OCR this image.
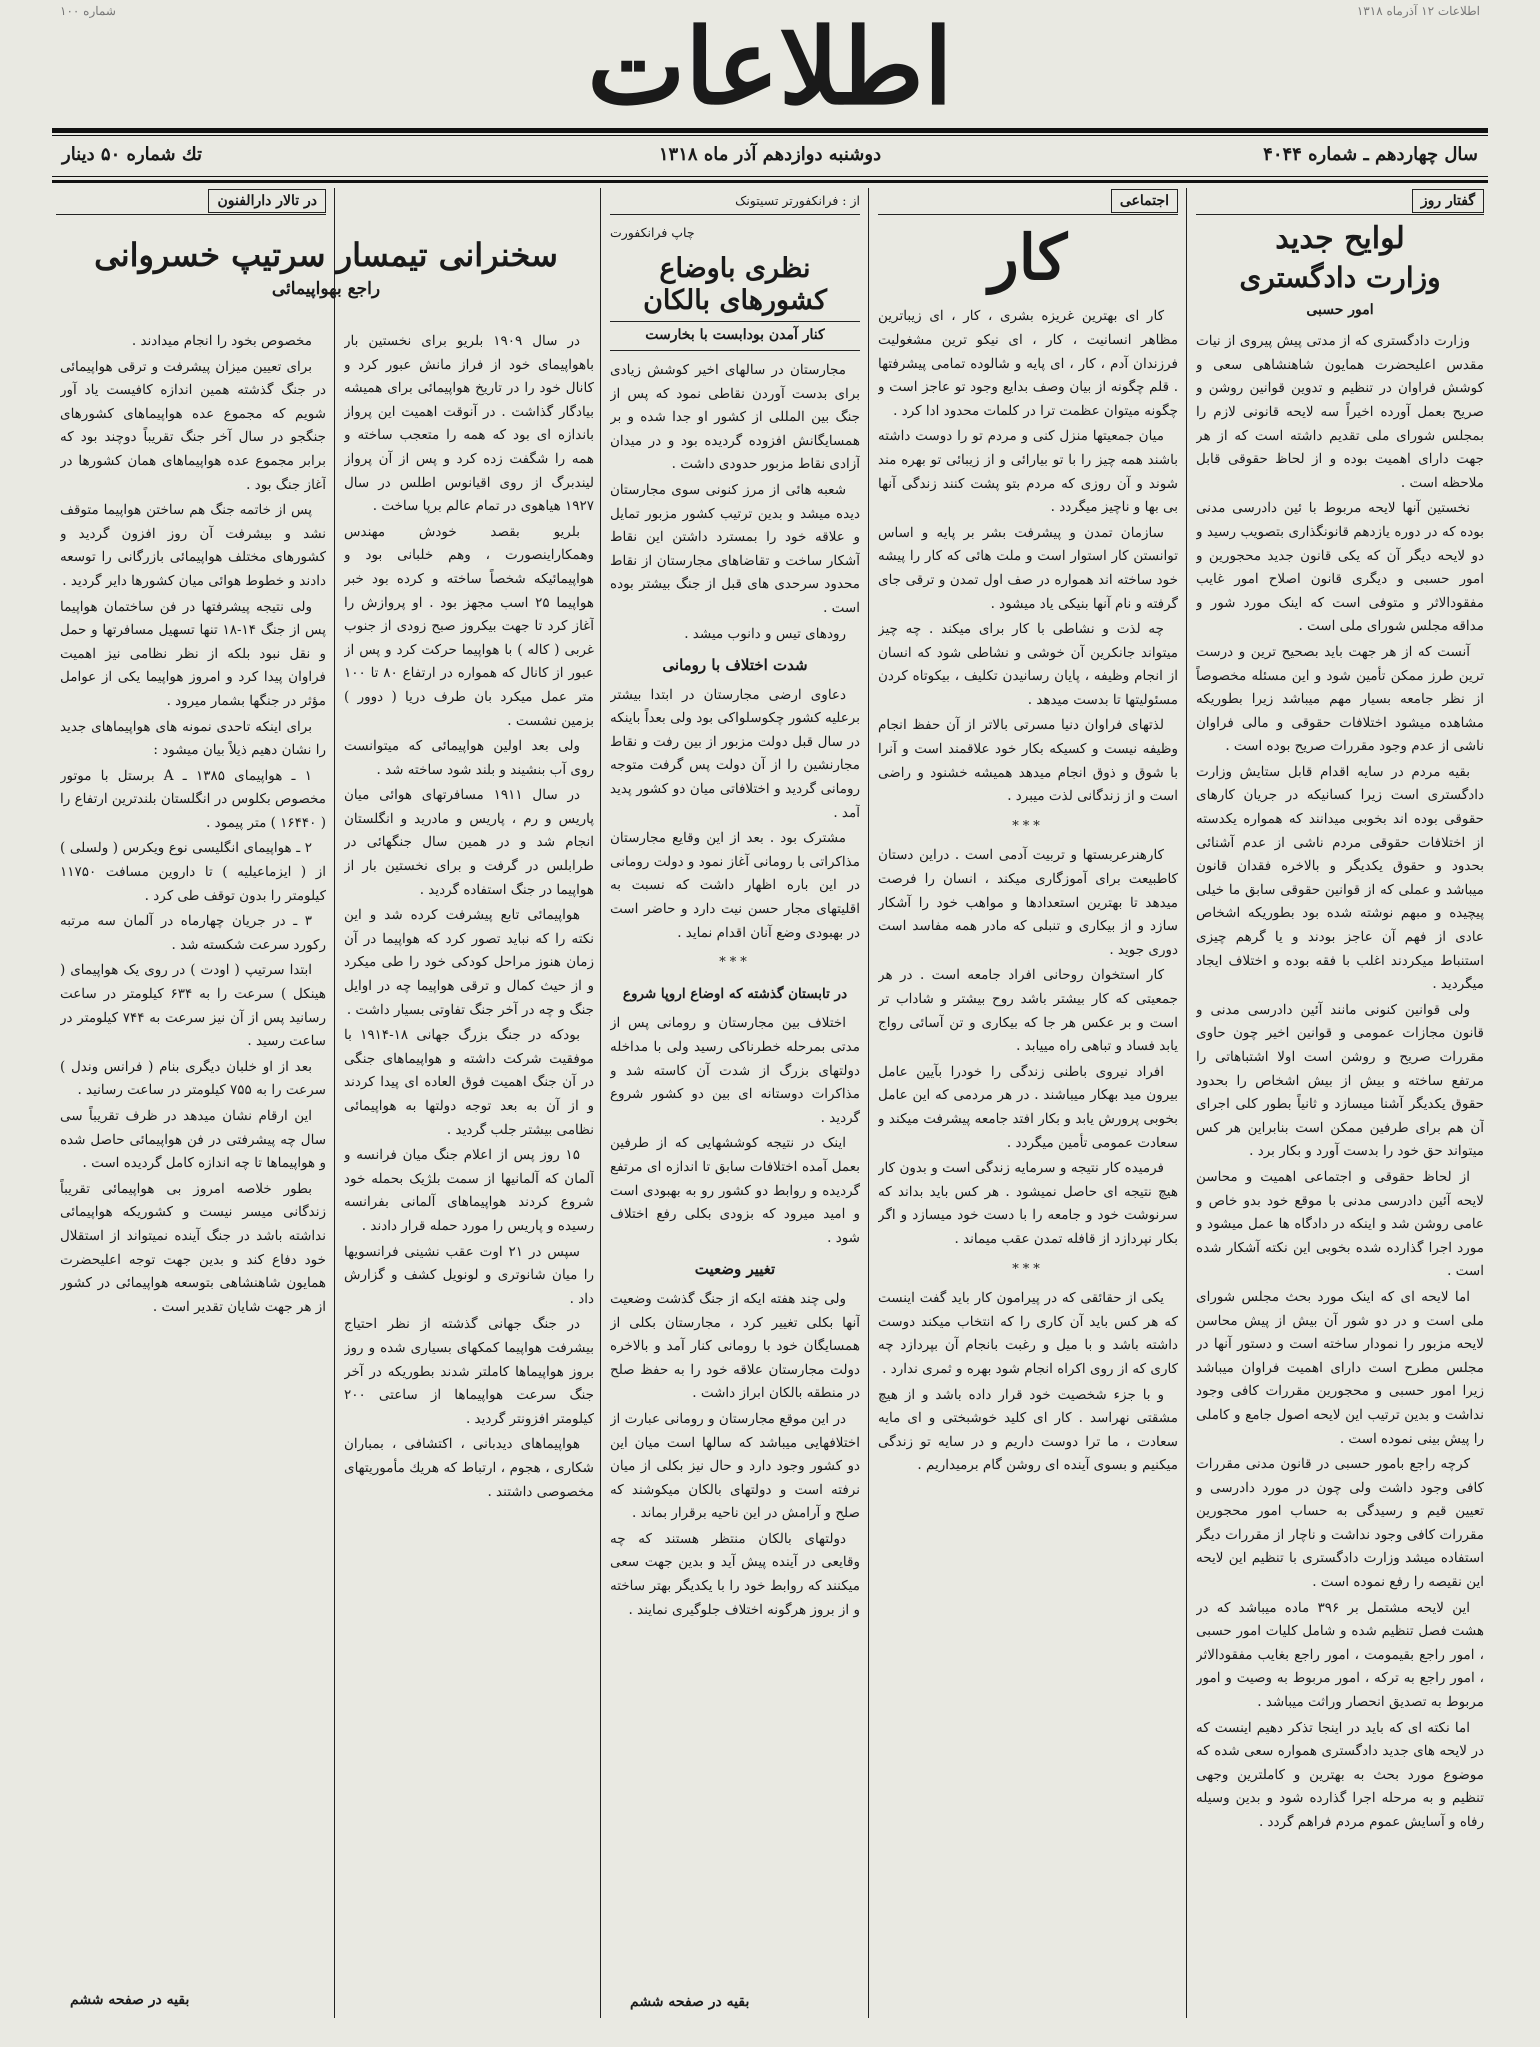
اطلاعات ۱۲ آذرماه ۱۳۱۸
۱۰۰ شماره	اطلاعات
سال چهاردهم ـ شماره ۴۰۴۴
دوشنبه دوازدهم آذر ماه ۱۳۱۸
تك شماره ۵۰ دینار
گفتار روز
لوایح جدید
وزارت دادگستری
امور حسبی

وزارت دادگستری که از مدتی پیش پیروی از نیات مقدس اعلیحضرت همایون شاهنشاهی سعی و کوشش فراوان در تنظیم و تدوین قوانین روشن و صریح بعمل آورده اخیراً سه لایحه قانونی لازم را بمجلس شورای ملی تقدیم داشته است که از هر جهت دارای اهمیت بوده و از لحاظ حقوقی قابل ملاحظه است .

نخستین آنها لایحه مربوط با ئین دادرسی مدنی بوده که در دوره یازدهم قانونگذاری بتصویب رسید و دو لایحه دیگر آن که یکی قانون جدید محجورین و امور حسبی و دیگری قانون اصلاح امور غایب مفقودالاثر و متوفی است که اینک مورد شور و مداقه مجلس شورای ملی است .

آنست که از هر جهت باید بصحیح ترین و درست ترین طرز ممکن تأمین شود و این مسئله مخصوصاً از نظر جامعه بسیار مهم میباشد زیرا بطوریکه مشاهده میشود اختلافات حقوقی و مالی فراوان ناشی از عدم وجود مقررات صریح بوده است .

بقیه مردم در سایه اقدام قابل ستایش وزارت دادگستری است زیرا کسانیکه در جریان کارهای حقوقی بوده اند بخوبی میدانند که همواره یکدسته از اختلافات حقوقی مردم ناشی از عدم آشنائی بحدود و حقوق یکدیگر و بالاخره فقدان قانون میباشد و عملی که از قوانین حقوقی سابق ما خیلی پیچیده و مبهم نوشته شده بود بطوریکه اشخاص عادی از فهم آن عاجز بودند و یا گرهم چیزی استنباط میکردند اغلب با فقه بوده و اختلاف ایجاد میگردید .

ولی قوانین کنونی مانند آئین دادرسی مدنی و قانون مجازات عمومی و قوانین اخیر چون حاوی مقررات صریح و روشن است اولا اشتباهاتی را مرتفع ساخته و بیش از بیش اشخاص را بحدود حقوق یکدیگر آشنا میسازد و ثانیاً بطور کلی اجرای آن هم برای طرفین ممکن است بنابراین هر کس میتواند حق خود را بدست آورد و بکار برد .

از لحاظ حقوقی و اجتماعی اهمیت و محاسن لایحه آئین دادرسی مدنی با موقع خود بدو خاص و عامی روشن شد و اینکه در دادگاه ها عمل میشود و مورد اجرا گذارده شده بخوبی این نکته آشکار شده است .

اما لایحه ای که اینک مورد بحث مجلس شورای ملی است و در دو شور آن بیش از پیش محاسن لایحه مزبور را نمودار ساخته است و دستور آنها در مجلس مطرح است دارای اهمیت فراوان میباشد زیرا امور حسبی و محجورین مقررات کافی وجود نداشت و بدین ترتیب این لایحه اصول جامع و کاملی را پیش بینی نموده است .

کرچه راجع بامور حسبی در قانون مدنی مقررات کافی وجود داشت ولی چون در مورد دادرسی و تعیین قیم و رسیدگی به حساب امور محجورین مقررات کافی وجود نداشت و ناچار از مقررات دیگر استفاده میشد وزارت دادگستری با تنظیم این لایحه این نقیصه را رفع نموده است .

این لایحه مشتمل بر ۳۹۶ ماده میباشد که در هشت فصل تنظیم شده و شامل کلیات امور حسبی ، امور راجع بقیمومت ، امور راجع بغایب مفقودالاثر ، امور راجع به ترکه ، امور مربوط به وصیت و امور مربوط به تصدیق انحصار وراثت میباشد .

اما نکته ای که باید در اینجا تذکر دهیم اینست که در لایحه های جدید دادگستری همواره سعی شده که موضوع مورد بحث به بهترین و کاملترین وجهی تنظیم و به مرحله اجرا گذارده شود و بدین وسیله رفاه و آسایش عموم مردم فراهم گردد .

اجتماعی
کار

کار ای بهترین غریزه بشری ، کار ، ای زیباترین مظاهر انسانیت ، کار ، ای نیکو ترین مشغولیت فرزندان آدم ، کار ، ای پایه و شالوده تمامی پیشرفتها . قلم چگونه از بیان وصف بدایع وجود تو عاجز است و چگونه میتوان عظمت ترا در کلمات محدود ادا کرد .

میان جمعیتها منزل کنی و مردم تو را دوست داشته باشند همه چیز را با تو بیارائی و از زیبائی تو بهره مند شوند و آن روزی که مردم بتو پشت کنند زندگی آنها بی بها و ناچیز میگردد .

سازمان تمدن و پیشرفت بشر بر پایه و اساس توانستن کار استوار است و ملت هائی که کار را پیشه خود ساخته اند همواره در صف اول تمدن و ترقی جای گرفته و نام آنها بنیکی یاد میشود .

چه لذت و نشاطی با کار برای میکند . چه چیز میتواند جانکرین آن خوشی و نشاطی شود که انسان از انجام وظیفه ، پایان رسانیدن تکلیف ، بیکوتاه کردن مسئولیتها تا بدست میدهد .

لذتهای فراوان دنیا مسرتی بالاتر از آن حفظ انجام وظیفه نیست و کسیکه بکار خود علاقمند است و آنرا با شوق و ذوق انجام میدهد همیشه خشنود و راضی است و از زندگانی لذت میبرد .

***

کارهنرعربستها و تربیت آدمی است . دراین دستان کاطبیعت برای آموزگاری میکند ، انسان را فرصت میدهد تا بهترین استعدادها و مواهب خود را آشکار سازد و از بیکاری و تنبلی که مادر همه مفاسد است دوری جوید .

کار استخوان روحانی افراد جامعه است . در هر جمعیتی که کار بیشتر باشد روح بیشتر و شاداب تر است و بر عکس هر جا که بیکاری و تن آسائی رواج یابد فساد و تباهی راه مییابد .

افراد نیروی باطنی زندگی را خودرا بآیین عامل بیرون مید بهکار میباشند . در هر مردمی که این عامل بخوبی پرورش یابد و بکار افتد جامعه پیشرفت میکند و سعادت عمومی تأمین میگردد .

فرمیده کار نتیجه و سرمایه زندگی است و بدون کار هیچ نتیجه ای حاصل نمیشود . هر کس باید بداند که سرنوشت خود و جامعه را با دست خود میسازد و اگر بکار نپردازد از قافله تمدن عقب میماند .

***

یکی از حقائقی که در پیرامون کار باید گفت اینست که هر کس باید آن کاری را که انتخاب میکند دوست داشته باشد و با میل و رغبت بانجام آن بپردازد چه کاری که از روی اکراه انجام شود بهره و ثمری ندارد .

و با جزء شخصیت خود قرار داده باشد و از هیچ مشقتی نهراسد . کار ای کلید خوشبختی و ای مایه سعادت ، ما ترا دوست داریم و در سایه تو زندگی میکنیم و بسوی آینده ای روشن گام برمیداریم .

از : فرانکفورتر تسیتونک
چاپ فرانکفورت
نظری باوضاع کشورهای بالکان
کنار آمدن بودابست با بخارست

مجارستان در سالهای اخیر کوشش زیادی برای بدست آوردن نقاطی نمود که پس از جنگ بین المللی از کشور او جدا شده و بر همسایگانش افزوده گردیده بود و در میدان آزادی نقاط مزبور حدودی داشت .

شعبه هائی از مرز کنونی سوی مجارستان دیده میشد و بدین ترتیب کشور مزبور تمایل و علاقه خود را بمسترد داشتن این نقاط آشکار ساخت و تقاضاهای مجارستان از نقاط محدود سرحدی های قبل از جنگ بیشتر بوده است .

رودهای تیس و دانوب میشد .

شدت اختلاف با رومانی

دعاوی ارضی مجارستان در ابتدا بیشتر برعلیه کشور چکوسلواکی بود ولی بعداً باینکه در سال قبل دولت مزبور از بین رفت و نقاط مجارنشین را از آن دولت پس گرفت متوجه رومانی گردید و اختلافاتی میان دو کشور پدید آمد .

مشترک بود . بعد از این وقایع مجارستان مذاکراتی با رومانی آغاز نمود و دولت رومانی در این باره اظهار داشت که نسبت به اقلیتهای مجار حسن نیت دارد و حاضر است در بهبودی وضع آنان اقدام نماید .

***
در تابستان گذشته که اوضاع اروپا شروع

اختلاف بين مجارستان و رومانی پس از مدتی بمرحله خطرناکی رسید ولی با مداخله دولتهای بزرگ از شدت آن کاسته شد و مذاکرات دوستانه ای بین دو کشور شروع گردید .

اینک در نتیجه کوششهایی که از طرفین بعمل آمده اختلافات سابق تا اندازه ای مرتفع گردیده و روابط دو کشور رو به بهبودی است و امید میرود که بزودی بکلی رفع اختلاف شود .

تغییر وضعیت

ولی چند هفته ایکه از جنگ گذشت وضعیت آنها بکلی تغییر کرد ، مجارستان بکلی از همسایگان خود با رومانی کنار آمد و بالاخره دولت مجارستان علاقه خود را به حفظ صلح در منطقه بالکان ابراز داشت .

در این موقع مجارستان و رومانی عبارت از اختلافهایی میباشد که سالها است میان این دو کشور وجود دارد و حال نیز بکلی از میان نرفته است و دولتهای بالکان میکوشند که صلح و آرامش در این ناحیه برقرار بماند .

دولتهای بالکان منتظر هستند که چه وقایعی در آینده پیش آید و بدین جهت سعی میکنند که روابط خود را با یکدیگر بهتر ساخته و از بروز هرگونه اختلاف جلوگیری نمایند .

بقیه در صفحه ششم
در تالار دارالفنون
سخنرانی تیمسار سرتیپ خسروانی
راجع بهواپیمائی

در سال ۱۹۰۹ بلریو برای نخستین بار باهواپیمای خود از فراز مانش عبور کرد و کانال خود را در تاریخ هواپیمائی برای همیشه بیادگار گذاشت . در آنوقت اهمیت این پرواز باندازه ای بود که همه را متعجب ساخته و همه را شگفت زده کرد و پس از آن پرواز لیندبرگ از روی اقیانوس اطلس در سال ۱۹۲۷ هیاهوی در تمام عالم برپا ساخت .

بلریو بقصد خودش مهندس وهمکاراینصورت ، وهم خلبانی بود و هواپیمائیکه شخصاً ساخته و کرده بود خبر هواپیما ۲۵ اسب مجهز بود . او پروازش را آغاز کرد تا جهت بیکروز صبح زودی از جنوب غربی ( کاله ) با هواپیما حرکت کرد و پس از عبور از کانال که همواره در ارتفاع ۸۰ تا ۱۰۰ متر عمل میکرد بان طرف دریا ( دوور ) بزمین نشست .

ولی بعد اولین هواپیمائی که میتوانست روی آب بنشیند و بلند شود ساخته شد .

در سال ۱۹۱۱ مسافرتهای هوائی میان پاریس و رم ، پاریس و مادرید و انگلستان انجام شد و در همین سال جنگهائی در طرابلس در گرفت و برای نخستین بار از هواپیما در جنگ استفاده گردید .

هواپیمائی تابع پیشرفت کرده شد و این نکته را که نباید تصور کرد که هواپیما در آن زمان هنوز مراحل کودکی خود را طی میکرد و از حیث کمال و ترقی هواپیما چه در اوایل جنگ و چه در آخر جنگ تفاوتی بسیار داشت .

بودکه در جنگ بزرگ جهانی ۱۸-۱۹۱۴ با موفقیت شرکت داشته و هواپیماهای جنگی در آن جنگ اهمیت فوق العاده ای پیدا کردند و از آن به بعد توجه دولتها به هواپیمائی نظامی بیشتر جلب گردید .

۱۵ روز پس از اعلام جنگ میان فرانسه و آلمان که آلمانیها از سمت بلژیک بحمله خود شروع کردند هواپیماهای آلمانی بفرانسه رسیده و پاریس را مورد حمله قرار دادند .

سپس در ۲۱ اوت عقب نشینی فرانسویها را میان شانوتری و لونویل کشف و گزارش داد .

در جنگ جهانی گذشته از نظر احتیاج بیشرفت هواپیما کمکهای بسیاری شده و روز بروز هواپیماها کاملتر شدند بطوریکه در آخر جنگ سرعت هواپیماها از ساعتی ۲۰۰ کیلومتر افزونتر گردید .

هواپیماهای دیدبانی ، اکتشافی ، بمباران شکاری ، هجوم ، ارتباط که هریك مأموریتهای مخصوصی داشتند .

مخصوص بخود را انجام میدادند .

برای تعیین میزان پیشرفت و ترقی هواپیمائی در جنگ گذشته همین اندازه کافیست یاد آور شویم که مجموع عده هواپیماهای کشورهای جنگجو در سال آخر جنگ تقریباً دوچند بود که برابر مجموع عده هواپیماهای همان کشورها در آغاز جنگ بود .

پس از خاتمه جنگ هم ساختن هواپیما متوقف نشد و بیشرفت آن روز افزون گردید و کشورهای مختلف هواپیمائی بازرگانی را توسعه دادند و خطوط هوائی میان کشورها دایر گردید .

ولی نتیجه پیشرفتها در فن ساختمان هواپیما پس از جنگ ۱۴-۱۸ تنها تسهیل مسافرتها و حمل و نقل نبود بلکه از نظر نظامی نیز اهمیت فراوان پیدا کرد و امروز هواپیما یکی از عوامل مؤثر در جنگها بشمار میرود .

برای اینکه تاحدی نمونه های هواپیماهای جدید را نشان دهیم ذیلاً بیان میشود :

۱ ـ هواپیمای ۱۳۸۵ ـ A برستل با موتور مخصوص بکلوس در انگلستان بلندترین ارتفاع را ( ۱۶۴۴۰ ) متر پیمود .

۲ ـ هواپیمای انگلیسی نوع ویکرس ( ولسلی ) از ( ایزماعیلیه ) تا داروین مسافت ۱۱۷۵۰ کیلومتر را بدون توقف طی کرد .

۳ ـ در جریان چهارماه در آلمان سه مرتبه رکورد سرعت شکسته شد .

ابتدا سرتیپ ( اودت ) در روی یک هواپیمای ( هینکل ) سرعت را به ۶۳۴ کیلومتر در ساعت رسانید پس از آن نیز سرعت به ۷۴۴ کیلومتر در ساعت رسید .

بعد از او خلبان دیگری بنام ( فرانس وندل ) سرعت را به ۷۵۵ کیلومتر در ساعت رسانید .

این ارقام نشان میدهد در ظرف تقریباً سی سال چه پیشرفتی در فن هواپیمائی حاصل شده و هواپیماها تا چه اندازه کامل گردیده است .

بطور خلاصه امروز بی هواپیمائی تقریباً زندگانی میسر نیست و کشوریکه هواپیمائی نداشته باشد در جنگ آینده نمیتواند از استقلال خود دفاع کند و بدین جهت توجه اعلیحضرت همایون شاهنشاهی بتوسعه هواپیمائی در کشور از هر جهت شایان تقدیر است .

بقیه در صفحه ششم
